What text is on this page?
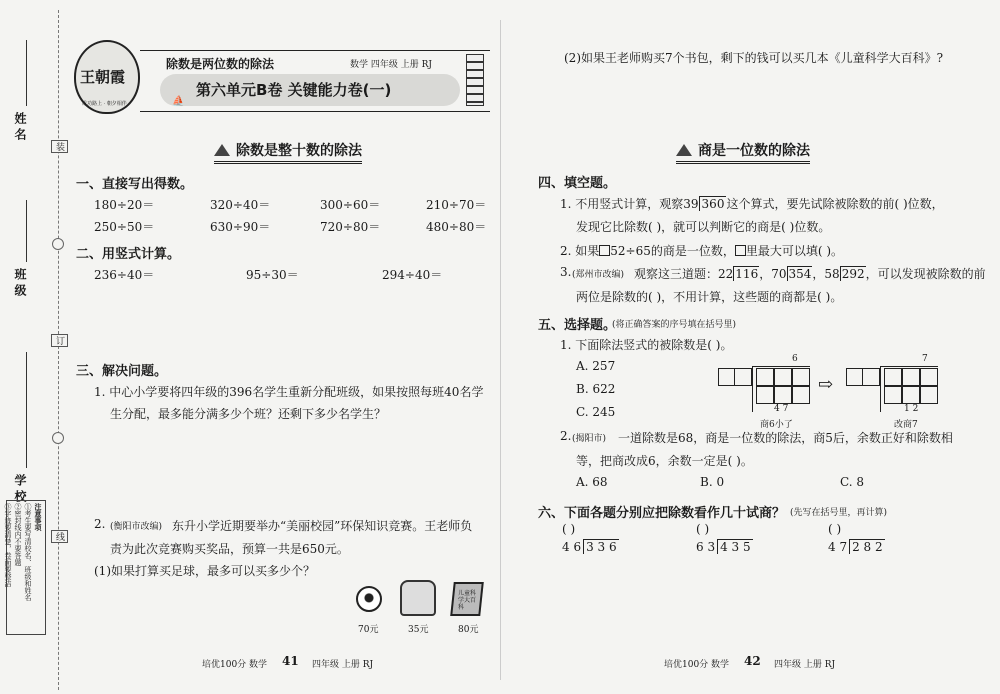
姓 名
班 级
学 校
装
订
线
注意事项
①考生要写清校名、班级和姓名
②密封线内不要答题
③字迹要清楚，卷面要整洁
王朝霞
成功路上 · 朝夕相伴
除数是两位数的除法	数学 四年级 上册 RJ
第六单元B卷 关键能力卷(一)
⛵
除数是整十数的除法
一、直接写出得数。
180÷20＝	320÷40＝	300÷60＝	210÷70＝
250÷50＝	630÷90＝	720÷80＝	480÷80＝
二、用竖式计算。
236÷40＝	95÷30＝	294÷40＝
三、解决问题。
1. 中心小学要将四年级的396名学生重新分配班级，如果按照每班40名学
生分配，最多能分满多少个班？还剩下多少名学生？
2. (衡阳市改编) 东升小学近期要举办“美丽校园”环保知识竞赛。王老师负
责为此次竞赛购买奖品，预算一共是650元。
(1)如果打算买足球，最多可以买多少个？
儿童科学大百科
70元	35元	80元
培优100分 数学 41 四年级 上册 RJ
(2)如果王老师购买7个书包，剩下的钱可以买几本《儿童科学大百科》?
商是一位数的除法
四、填空题。
1. 不用竖式计算，观察39 360 这个算式，要先试除被除数的前( )位数，
发现它比除数( )，就可以判断它的商是( )位数。
2. 如果 52÷65的商是一位数， 里最大可以填( )。
3. (郑州市改编) 观察这三道题：22 116，70 354，58 292，可以发现被除数的前
两位是除数的( )，不用计算，这些题的商都是( )。
五、选择题。
(将正确答案的序号填在括号里)
1. 下面除法竖式的被除数是( )。
A. 257
B. 622
C. 245
6
4 7
商6小了
⇨
7
1 2
改商7
2. (揭阳市) 一道除数是68，商是一位数的除法，商5后，余数正好和除数相
等，把商改成6，余数一定是( )。
A. 68	B. 0	C. 8
六、下面各题分别应把除数看作几十试商？ (先写在括号里，再计算)
( )
4 6 3 3 6
( )
6 3 4 3 5
( )
4 7 2 8 2
培优100分 数学 42 四年级 上册 RJ
